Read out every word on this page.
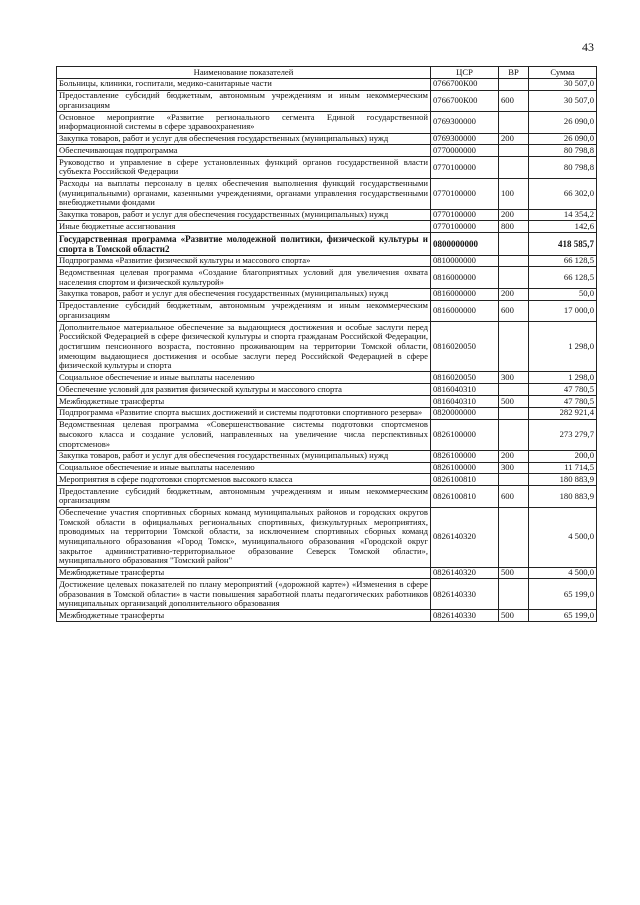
43
Наименование показателей	ЦСР	ВР	Сумма
Больницы, клиники, госпитали, медико-санитарные части	0766700К00		30 507,0
Предоставление субсидий бюджетным, автономным учреждениям и иным некоммерческим организациям	0766700К00	600	30 507,0
Основное мероприятие «Развитие регионального сегмента Единой государственной информационной системы в сфере здравоохранения»	0769300000		26 090,0
Закупка товаров, работ и услуг для обеспечения государственных (муниципальных) нужд	0769300000	200	26 090,0
Обеспечивающая подпрограмма	0770000000		80 798,8
Руководство и управление в сфере установленных функций органов государственной власти субъекта Российской Федерации	0770100000		80 798,8
Расходы на выплаты персоналу в целях обеспечения выполнения функций государственными (муниципальными) органами, казенными учреждениями, органами управления государственными внебюджетными фондами	0770100000	100	66 302,0
Закупка товаров, работ и услуг для обеспечения государственных (муниципальных) нужд	0770100000	200	14 354,2
Иные бюджетные ассигнования	0770100000	800	142,6
Государственная программа «Развитие молодежной политики, физической культуры и спорта в Томской области2	0800000000		418 585,7
Подпрограмма «Развитие физической культуры и массового спорта»	0810000000		66 128,5
Ведомственная целевая программа «Создание благоприятных условий для увеличения охвата населения спортом и физической культурой»	0816000000		66 128,5
Закупка товаров, работ и услуг для обеспечения государственных (муниципальных) нужд	0816000000	200	50,0
Предоставление субсидий бюджетным, автономным учреждениям и иным некоммерческим организациям	0816000000	600	17 000,0
Дополнительное материальное обеспечение за выдающиеся достижения и особые заслуги перед Российской Федерацией в сфере физической культуры и спорта гражданам Российской Федерации, достигшим пенсионного возраста, постоянно проживающим на территории Томской области, имеющим выдающиеся достижения и особые заслуги перед Российской Федерацией в сфере физической культуры и спорта	0816020050		1 298,0
Социальное обеспечение и иные выплаты населению	0816020050	300	1 298,0
Обеспечение условий для развития физической культуры и массового спорта	0816040310		47 780,5
Межбюджетные трансферты	0816040310	500	47 780,5
Подпрограмма «Развитие спорта высших достижений и системы подготовки спортивного резерва»	0820000000		282 921,4
Ведомственная целевая программа «Совершенствование системы подготовки спортсменов высокого класса и создание условий, направленных на увеличение числа перспективных спортсменов»	0826100000		273 279,7
Закупка товаров, работ и услуг для обеспечения государственных (муниципальных) нужд	0826100000	200	200,0
Социальное обеспечение и иные выплаты населению	0826100000	300	11 714,5
Мероприятия в сфере подготовки спортсменов высокого класса	0826100810		180 883,9
Предоставление субсидий бюджетным, автономным учреждениям и иным некоммерческим организациям	0826100810	600	180 883,9
Обеспечение участия спортивных сборных команд муниципальных районов и городских округов Томской области в официальных региональных спортивных, физкультурных мероприятиях, проводимых на территории Томской области, за исключением спортивных сборных команд муниципального образования «Город Томск», муниципального образования «Городской округ закрытое административно-территориальное образование Северск Томской области», муниципального образования "Томский район"	0826140320		4 500,0
Межбюджетные трансферты	0826140320	500	4 500,0
Достижение целевых показателей по плану мероприятий («дорожной карте») «Изменения в сфере образования в Томской области» в части повышения заработной платы педагогических работников муниципальных организаций дополнительного образования	0826140330		65 199,0
Межбюджетные трансферты	0826140330	500	65 199,0
